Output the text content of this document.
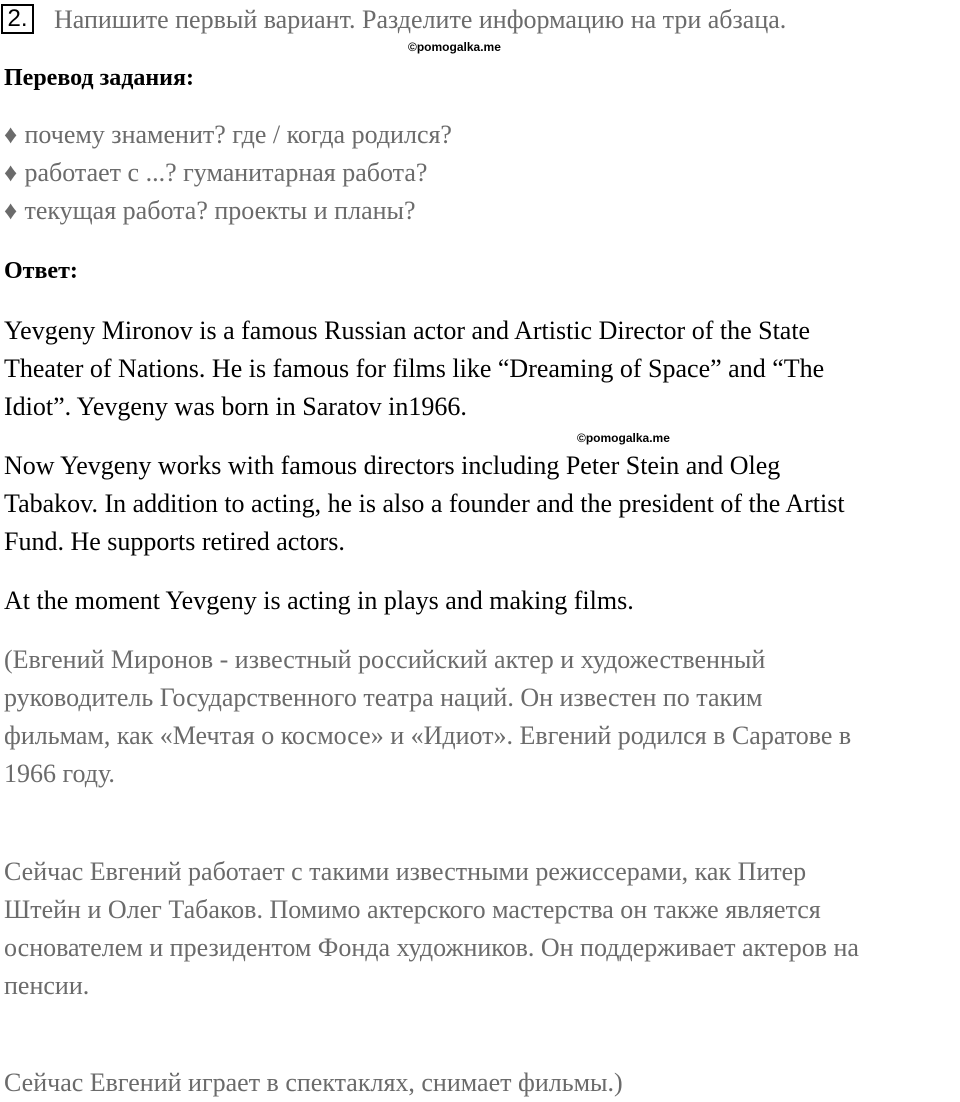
2. Напишите первый вариант. Разделите информацию на три абзаца.
©pomogalka.me
Перевод задания:
♦ почему знаменит? где / когда родился?
♦ работает с ...? гуманитарная работа?
♦ текущая работа? проекты и планы?
Ответ:
Yevgeny Mironov is a famous Russian actor and Artistic Director of the State
Theater of Nations. He is famous for films like “Dreaming of Space” and “The
Idiot”. Yevgeny was born in Saratov in1966.
©pomogalka.me
Now Yevgeny works with famous directors including Peter Stein and Oleg
Tabakov. In addition to acting, he is also a founder and the president of the Artist
Fund. He supports retired actors.
At the moment Yevgeny is acting in plays and making films.
(Евгений Миронов - известный российский актер и художественный
руководитель Государственного театра наций. Он известен по таким
фильмам, как «Мечтая о космосе» и «Идиот». Евгений родился в Саратове в
1966 году.
Сейчас Евгений работает с такими известными режиссерами, как Питер
Штейн и Олег Табаков. Помимо актерского мастерства он также является
основателем и президентом Фонда художников. Он поддерживает актеров на
пенсии.
Сейчас Евгений играет в спектаклях, снимает фильмы.)
